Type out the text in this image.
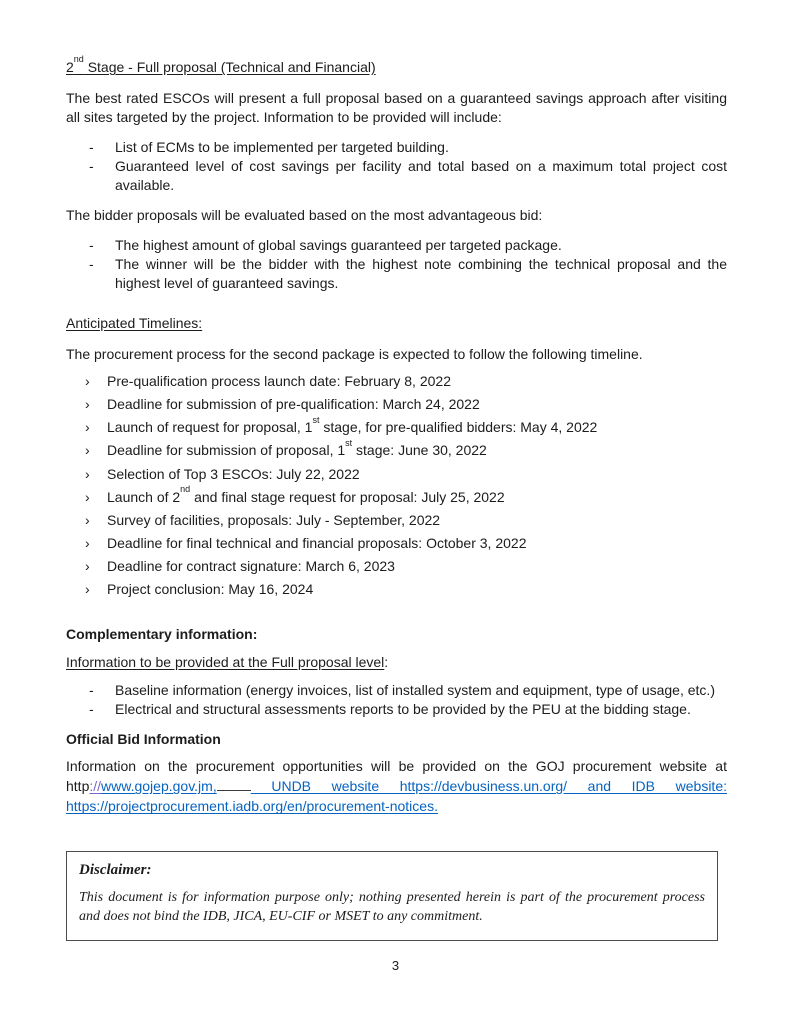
2nd Stage - Full proposal (Technical and Financial)

The best rated ESCOs will present a full proposal based on a guaranteed savings approach after visiting all sites targeted by the project. Information to be provided will include:

-	List of ECMs to be implemented per targeted building.
-	Guaranteed level of cost savings per facility and total based on a maximum total project cost available.

The bidder proposals will be evaluated based on the most advantageous bid:

-	The highest amount of global savings guaranteed per targeted package.
-	The winner will be the bidder with the highest note combining the technical proposal and the highest level of guaranteed savings.

Anticipated Timelines:

The procurement process for the second package is expected to follow the following timeline.

›	Pre-qualification process launch date: February 8, 2022
›	Deadline for submission of pre-qualification: March 24, 2022
›	Launch of request for proposal, 1st stage, for pre-qualified bidders: May 4, 2022
›	Deadline for submission of proposal, 1st stage: June 30, 2022
›	Selection of Top 3 ESCOs: July 22, 2022
›	Launch of 2nd and final stage request for proposal: July 25, 2022
›	Survey of facilities, proposals: July - September, 2022
›	Deadline for final technical and financial proposals: October 3, 2022
›	Deadline for contract signature: March 6, 2023
›	Project conclusion: May 16, 2024

Complementary information:

Information to be provided at the Full proposal level:

-	Baseline information (energy invoices, list of installed system and equipment, type of usage, etc.)
-	Electrical and structural assessments reports to be provided by the PEU at the bidding stage.

Official Bid Information

Information on the procurement opportunities will be provided on the GOJ procurement website at http://www.gojep.gov.jm, UNDB website https://devbusiness.un.org/ and IDB website: https://projectprocurement.iadb.org/en/procurement-notices.

Disclaimer:

This document is for information purpose only; nothing presented herein is part of the procurement process and does not bind the IDB, JICA, EU-CIF or MSET to any commitment.

3
